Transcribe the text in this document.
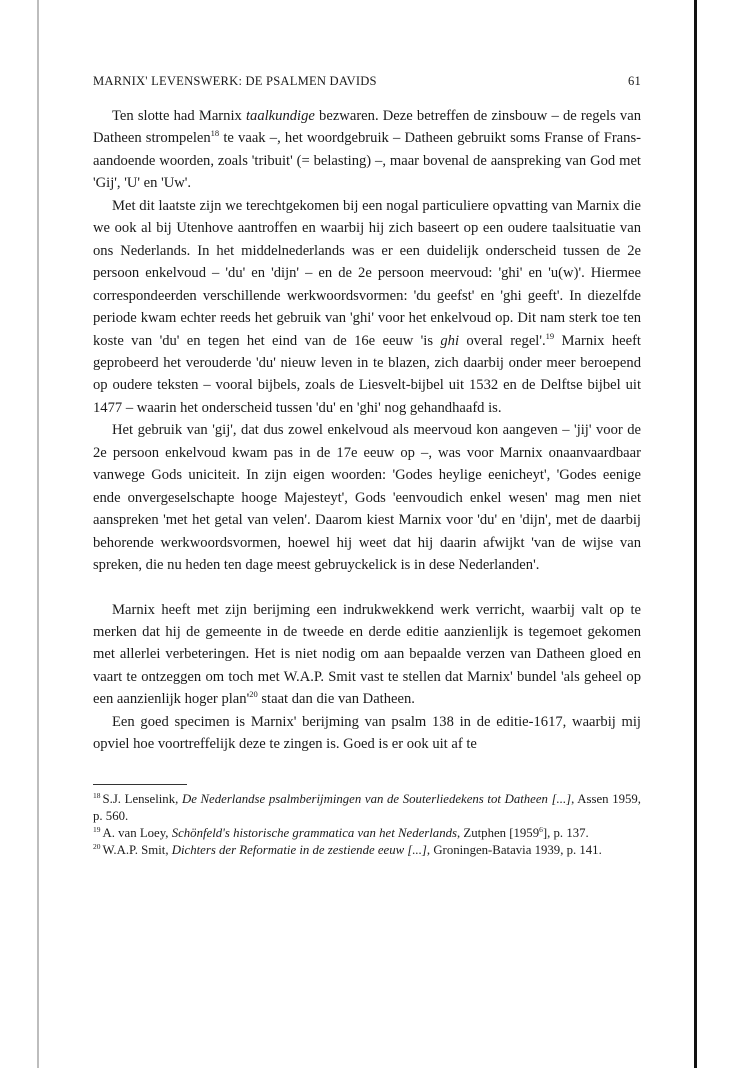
MARNIX' LEVENSWERK: DE PSALMEN DAVIDS	61

Ten slotte had Marnix taalkundige bezwaren. Deze betreffen de zinsbouw – de regels van Datheen strompelen$^{18}$ te vaak –, het woordgebruik – Datheen gebruikt soms Franse of Frans-aandoende woorden, zoals 'tribuit' (= belasting) –, maar bovenal de aanspreking van God met 'Gij', 'U' en 'Uw'.

Met dit laatste zijn we terechtgekomen bij een nogal particuliere opvatting van Marnix die we ook al bij Utenhove aantroffen en waarbij hij zich baseert op een oudere taalsituatie van ons Nederlands. In het middelnederlands was er een duidelijk onderscheid tussen de 2e persoon enkelvoud – 'du' en 'dijn' – en de 2e persoon meervoud: 'ghi' en 'u(w)'. Hiermee correspondeerden verschillende werkwoordsvormen: 'du geefst' en 'ghi geeft'. In diezelfde periode kwam echter reeds het gebruik van 'ghi' voor het enkelvoud op. Dit nam sterk toe ten koste van 'du' en tegen het eind van de 16e eeuw 'is ghi overal regel'.$^{19}$ Marnix heeft geprobeerd het verouderde 'du' nieuw leven in te blazen, zich daarbij onder meer beroepend op oudere teksten – vooral bijbels, zoals de Liesvelt-bijbel uit 1532 en de Delftse bijbel uit 1477 – waarin het onderscheid tussen 'du' en 'ghi' nog gehandhaafd is.

Het gebruik van 'gij', dat dus zowel enkelvoud als meervoud kon aangeven – 'jij' voor de 2e persoon enkelvoud kwam pas in de 17e eeuw op –, was voor Marnix onaanvaardbaar vanwege Gods uniciteit. In zijn eigen woorden: 'Godes heylige eenicheyt', 'Godes eenige ende onvergeselschapte hooge Majesteyt', Gods 'eenvoudich enkel wesen' mag men niet aanspreken 'met het getal van velen'. Daarom kiest Marnix voor 'du' en 'dijn', met de daarbij behorende werkwoordsvormen, hoewel hij weet dat hij daarin afwijkt 'van de wijse van spreken, die nu heden ten dage meest gebruyckelick is in dese Nederlanden'.

Marnix heeft met zijn berijming een indrukwekkend werk verricht, waarbij valt op te merken dat hij de gemeente in de tweede en derde editie aanzienlijk is tegemoet gekomen met allerlei verbeteringen. Het is niet nodig om aan bepaalde verzen van Datheen gloed en vaart te ontzeggen om toch met W.A.P. Smit vast te stellen dat Marnix' bundel 'als geheel op een aanzienlijk hoger $plan'^{20}$ staat dan die van Datheen.

Een goed specimen is Marnix' berijming van psalm 138 in de editie-1617, waarbij mij opviel hoe voortreffelijk deze te zingen is. Goed is er ook uit af te

$^{18}$ S.J. Lenselink, De Nederlandse psalmberijmingen van de Souterliedekens tot Datheen [...], Assen 1959, p. 560.

$^{19}$ A. van Loey, Schönfeld's historische grammatica van het Nederlands, Zutphen [1959$^6$], p. 137.

$^{20}$ W.A.P. Smit, Dichters der Reformatie in de zestiende eeuw [...], Groningen-Batavia 1939, p. 141.
